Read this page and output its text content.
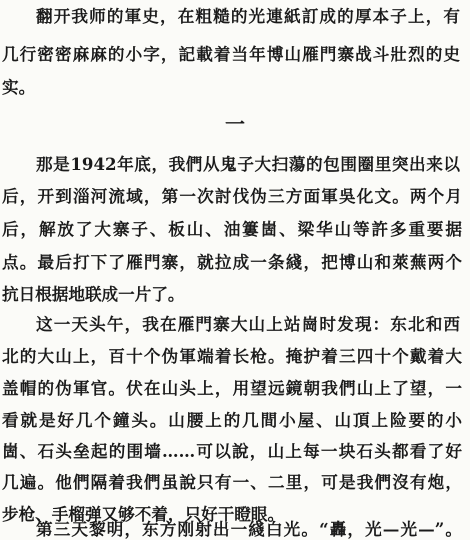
翻开我师的軍史，在粗糙的光連紙訂成的厚本子上，有
几行密密麻麻的小字，記載着当年博山雁門寨战斗壯烈的史
实。
一
那是1942年底，我們从鬼子大扫蕩的包围圈里突出来以
后，开到淄河流域，第一次討伐伪三方面軍吳化文。两个月
后，解放了大寨子、板山、油簍崮、梁华山等許多重要据
点。最后打下了雁門寨，就拉成一条綫，把博山和萊蕪两个
抗日根据地联成一片了。
这一天头午，我在雁門寨大山上站崗时发現：东北和西
北的大山上，百十个伪軍端着长枪。掩护着三四十个戴着大
盖帽的伪軍官。伏在山头上，用望远鏡朝我們山上了望，一
看就是好几个鐘头。山腰上的几間小屋、山頂上险要的小
崮、石头垒起的围墙……可以說，山上每一块石头都看了好
几遍。他們隔着我們虽說只有一、二里，可是我們沒有炮，
步枪、手榴弹又够不着，只好干瞪眼。
第三天黎明，东方刚射出一綫白光。“轟，光—光—”。
